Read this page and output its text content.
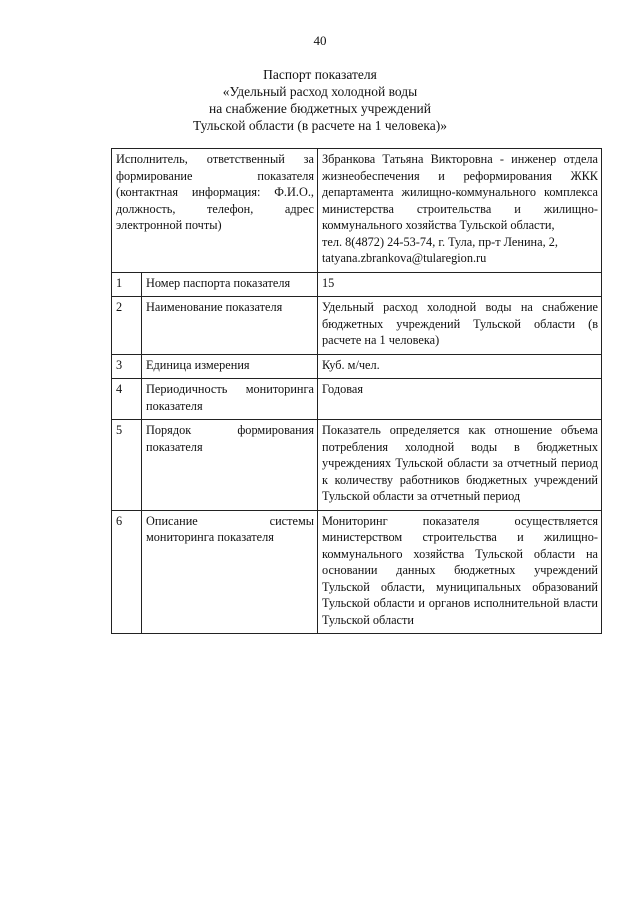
40
Паспорт показателя
«Удельный расход холодной воды
на снабжение бюджетных учреждений
Тульской области (в расчете на 1 человека)»
Исполнитель, ответственный за формирование показателя (контактная информация: Ф.И.О., должность, телефон, адрес электронной почты)		Збранкова Татьяна Викторовна - инженер отдела жизнеобеспечения и реформирования ЖКК департамента жилищно-коммунального комплекса министерства строительства и жилищно-коммунального хозяйства Тульской области,
тел. 8(4872) 24-53-74, г. Тула, пр-т Ленина, 2,
tatyana.zbrankova@tularegion.ru

1	Номер паспорта показателя	15
2	Наименование показателя	Удельный расход холодной воды на снабжение бюджетных учреждений Тульской области (в расчете на 1 человека)
3	Единица измерения	Куб. м/чел.
4	Периодичность мониторинга показателя	Годовая
5	Порядок формирования показателя	Показатель определяется как отношение объема потребления холодной воды в бюджетных учреждениях Тульской области за отчетный период к количеству работников бюджетных учреждений Тульской области за отчетный период
6	Описание системы мониторинга показателя	Мониторинг показателя осуществляется министерством строительства и жилищно-коммунального хозяйства Тульской области на основании данных бюджетных учреждений Тульской области, муниципальных образований Тульской области и органов исполнительной власти Тульской области
